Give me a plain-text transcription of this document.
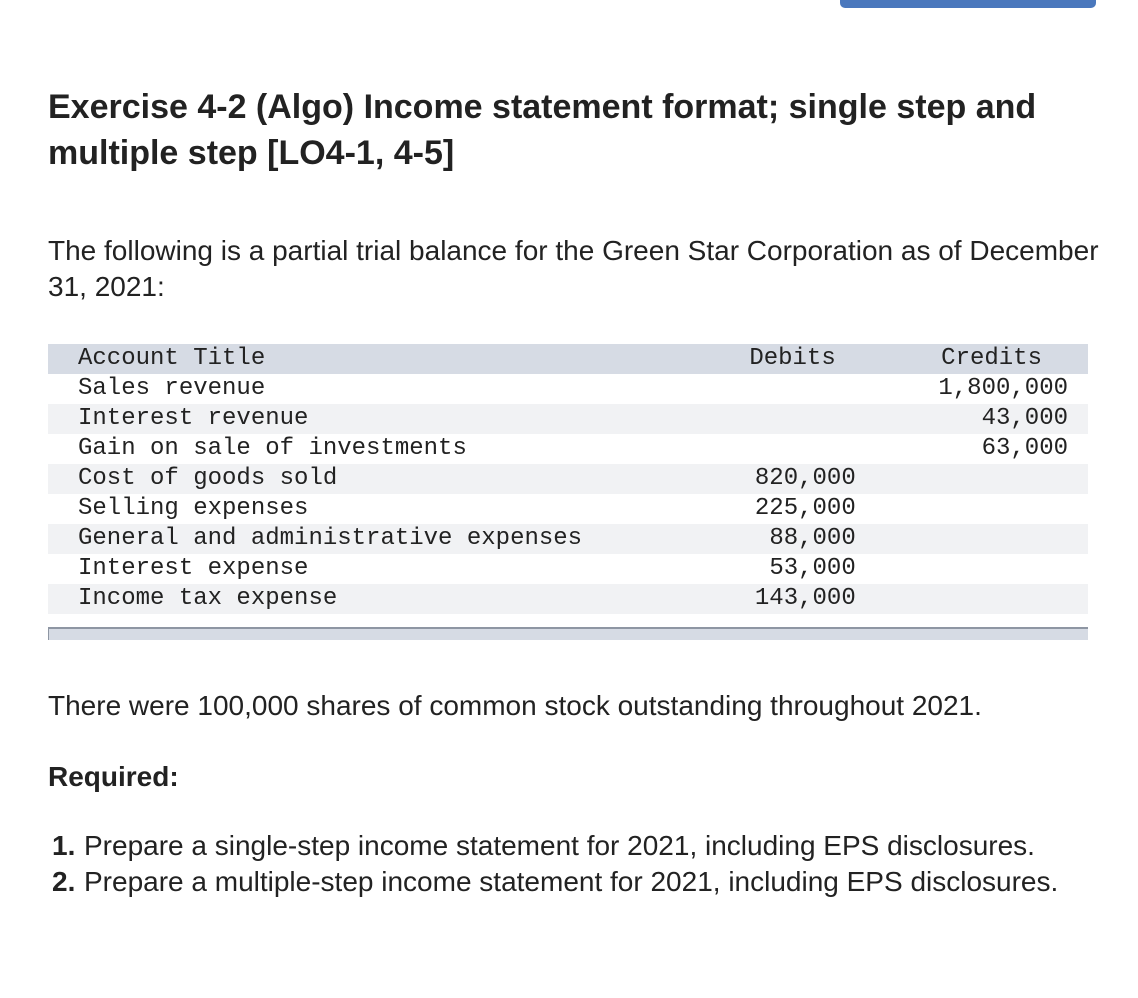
Exercise 4-2 (Algo) Income statement format; single step and multiple step [LO4-1, 4-5]

The following is a partial trial balance for the Green Star Corporation as of December 31, 2021:

Account Title	Debits	Credits
Sales revenue		1,800,000
Interest revenue		43,000
Gain on sale of investments		63,000
Cost of goods sold	820,000	
Selling expenses	225,000	
General and administrative expenses	88,000	
Interest expense	53,000	
Income tax expense	143,000	

There were 100,000 shares of common stock outstanding throughout 2021.

Required:

1. Prepare a single-step income statement for 2021, including EPS disclosures.
2. Prepare a multiple-step income statement for 2021, including EPS disclosures.
